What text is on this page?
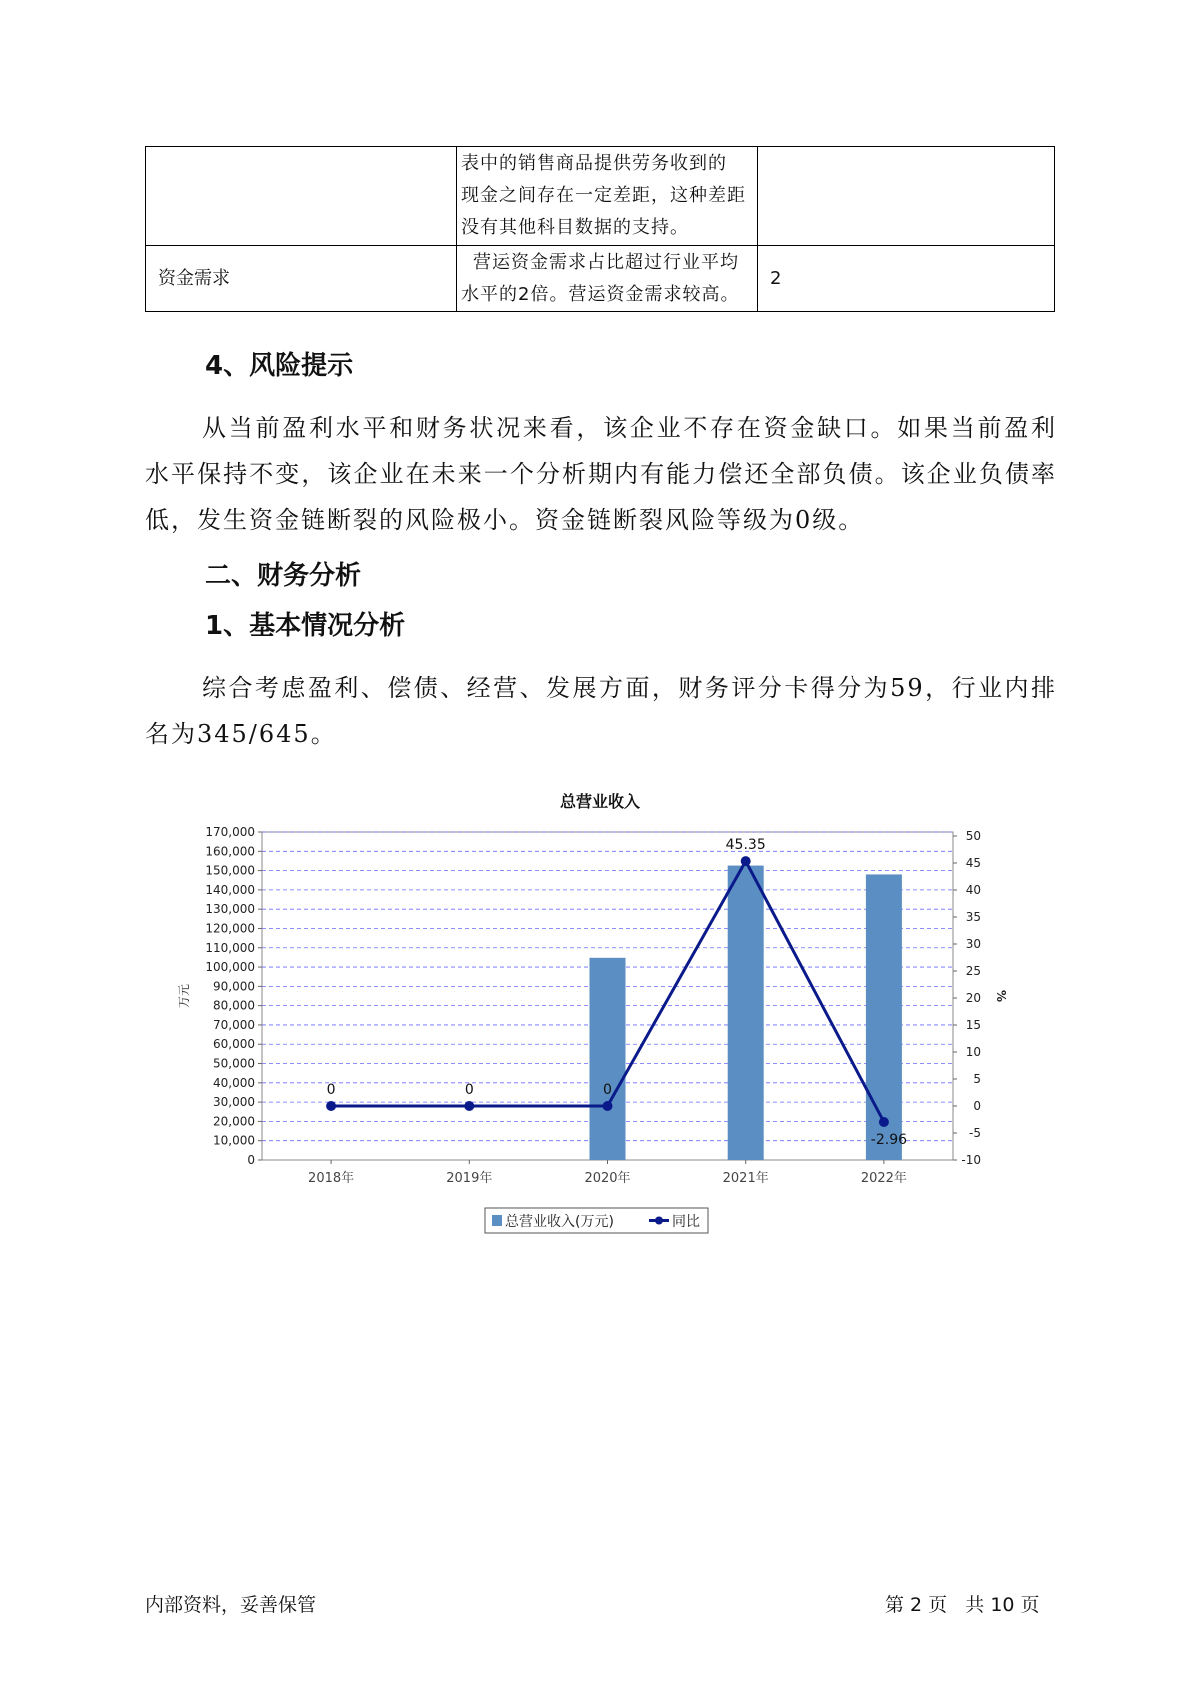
	表中的销售商品提供劳务收到的
现金之间存在一定差距，这种差距
没有其他科目数据的支持。	

资金需求	营运资金需求占比超过行业平均
水平的2倍。营运资金需求较高。	2
4、风险提示
从当前盈利水平和财务状况来看，该企业不存在资金缺口。如果当前盈利水平保持不变，该企业在未来一个分析期内有能力偿还全部负债。该企业负债率低，发生资金链断裂的风险极小。资金链断裂风险等级为0级。
二、财务分析
1、基本情况分析
综合考虑盈利、偿债、经营、发展方面，财务评分卡得分为59，行业内排名为345/645。
总营业收入
0
10,000
20,000
30,000
40,000
50,000
60,000
70,000
80,000
90,000
100,000
110,000
120,000
130,000
140,000
150,000
160,000
170,000
-10
-5
0
5
10
15
20
25
30
35
40
45
50
万元	%
2018年	2019年	2020年	2021年	2022年
0	0	0
45.35
-2.96
总营业收入(万元)	同比
内部资料，妥善保管	第 2 页   共 10 页
